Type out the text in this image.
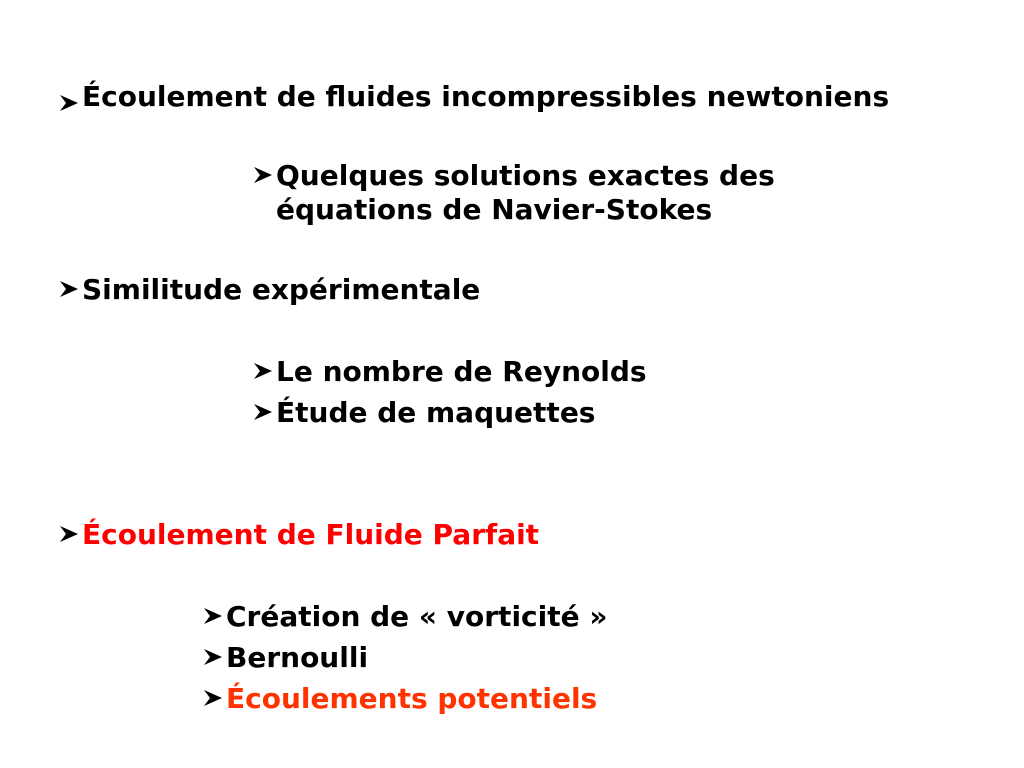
Écoulement de fluides incompressibles newtoniens
Quelques solutions exactes des
équations de Navier-Stokes
Similitude expérimentale
Le nombre de Reynolds
Étude de maquettes
Écoulement de Fluide Parfait
Création de « vorticité »
Bernoulli
Écoulements potentiels
